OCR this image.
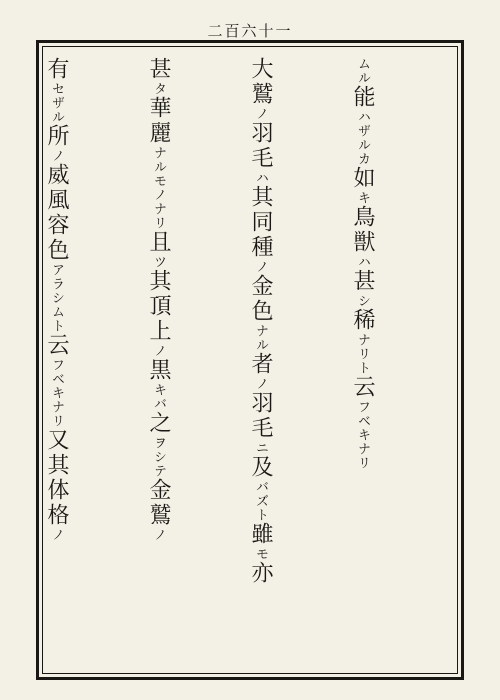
二百六十一

ムル能ハザルカ如キ鳥獣ハ甚シ稀ナリト云フベキナリ

大鷲ノ羽毛ハ其同種ノ金色ナル者ノ羽毛ニ及バズト雖モ亦

甚タ華麗ナルモノナリ且ツ其頂上ノ黒キバ之ヲシテ金鷲ノ

有セザル所ノ威風容色アラシムト云フベキナリ又其体格ノ
